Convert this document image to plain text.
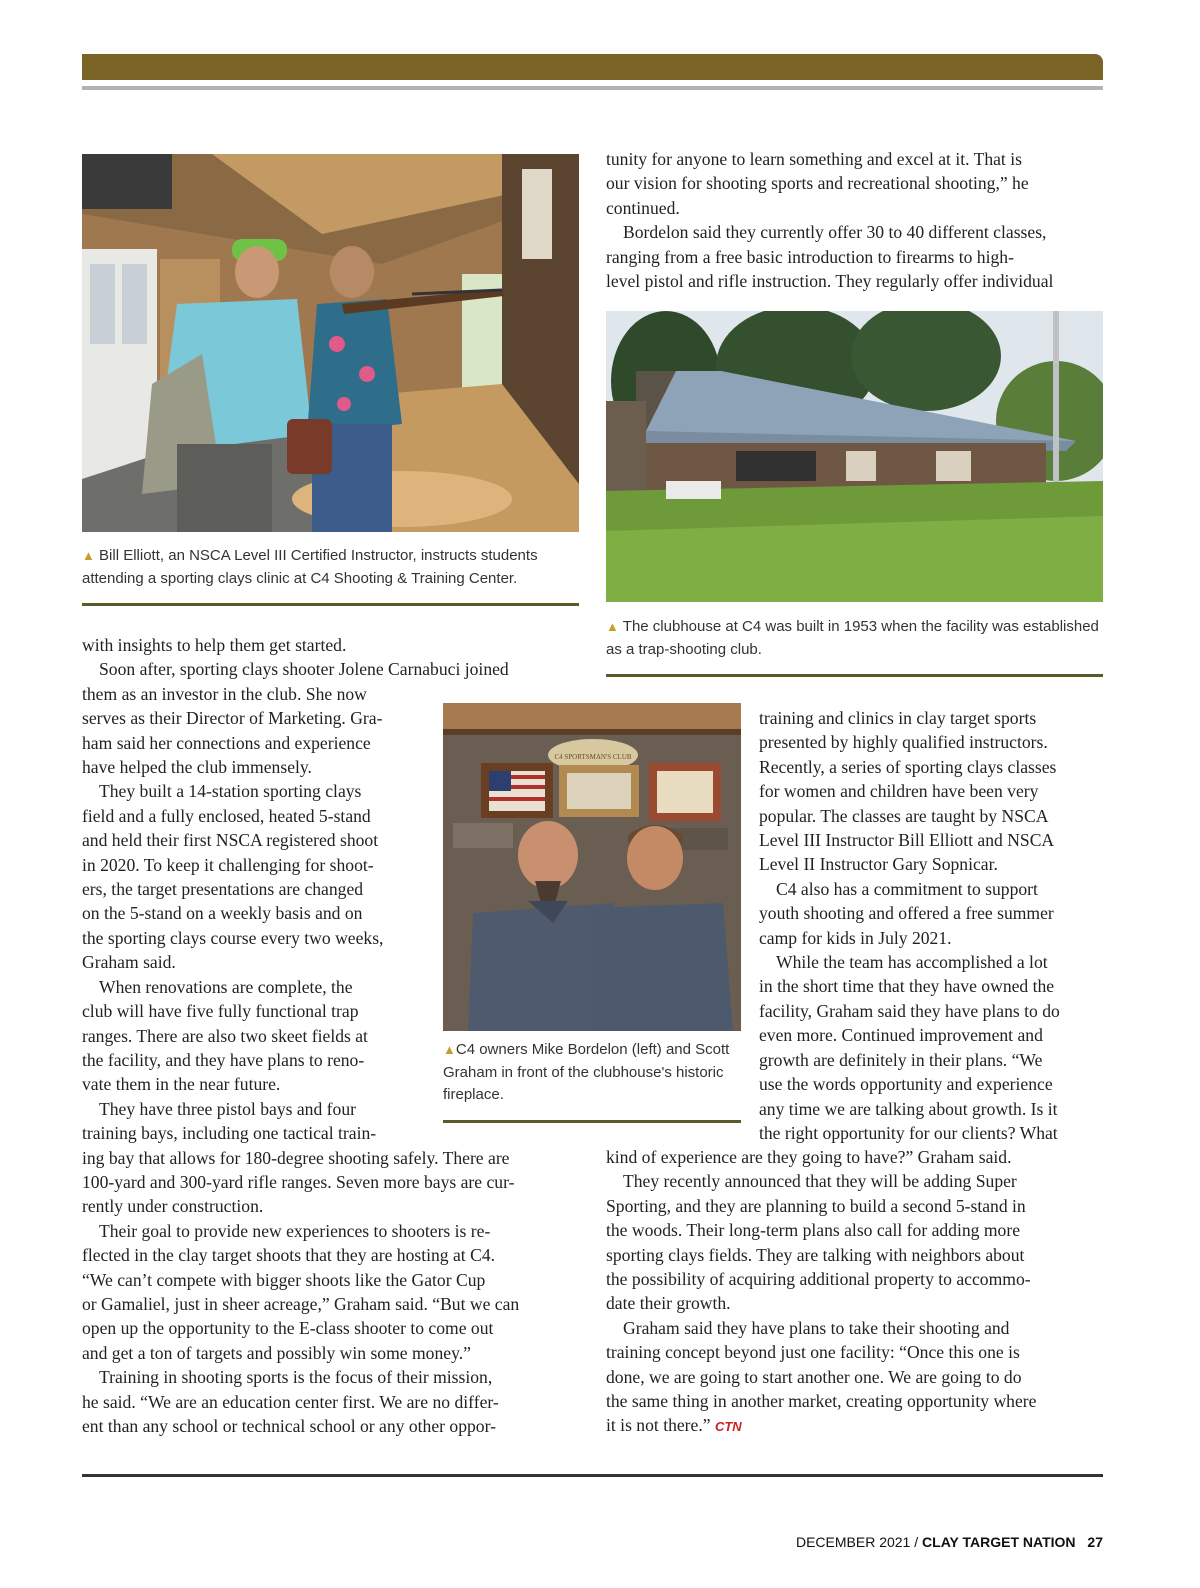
▲ Bill Elliott, an NSCA Level III Certified Instructor, instructs students attending a sporting clays clinic at C4 Shooting & Training Center.

tunity for anyone to learn something and excel at it. That is

our vision for shooting sports and recreational shooting,” he

continued.

Bordelon said they currently offer 30 to 40 different classes,

ranging from a free basic introduction to firearms to high-

level pistol and rifle instruction. They regularly offer individual

▲ The clubhouse at C4 was built in 1953 when the facility was established as a trap-shooting club.
C4 SPORTSMAN'S CLUB
▲C4 owners Mike Bordelon (left) and Scott Graham in front of the clubhouse's historic fireplace.

with insights to help them get started.

Soon after, sporting clays shooter Jolene Carnabuci joined

them as an investor in the club. She now

serves as their Director of Marketing. Gra-

ham said her connections and experience

have helped the club immensely.

They built a 14-station sporting clays

field and a fully enclosed, heated 5-stand

and held their first NSCA registered shoot

in 2020. To keep it challenging for shoot-

ers, the target presentations are changed

on the 5-stand on a weekly basis and on

the sporting clays course every two weeks,

Graham said.

When renovations are complete, the

club will have five fully functional trap

ranges. There are also two skeet fields at

the facility, and they have plans to reno-

vate them in the near future.

They have three pistol bays and four

training bays, including one tactical train-

ing bay that allows for 180-degree shooting safely. There are

100-yard and 300-yard rifle ranges. Seven more bays are cur-

rently under construction.

Their goal to provide new experiences to shooters is re-

flected in the clay target shoots that they are hosting at C4.

“We can’t compete with bigger shoots like the Gator Cup

or Gamaliel, just in sheer acreage,” Graham said. “But we can

open up the opportunity to the E-class shooter to come out

and get a ton of targets and possibly win some money.”

Training in shooting sports is the focus of their mission,

he said. “We are an education center first. We are no differ-

ent than any school or technical school or any other oppor-

training and clinics in clay target sports

presented by highly qualified instructors.

Recently, a series of sporting clays classes

for women and children have been very

popular. The classes are taught by NSCA

Level III Instructor Bill Elliott and NSCA

Level II Instructor Gary Sopnicar.

C4 also has a commitment to support

youth shooting and offered a free summer

camp for kids in July 2021.

While the team has accomplished a lot

in the short time that they have owned the

facility, Graham said they have plans to do

even more. Continued improvement and

growth are definitely in their plans. “We

use the words opportunity and experience

any time we are talking about growth. Is it

the right opportunity for our clients? What

kind of experience are they going to have?” Graham said.

They recently announced that they will be adding Super

Sporting, and they are planning to build a second 5-stand in

the woods. Their long-term plans also call for adding more

sporting clays fields. They are talking with neighbors about

the possibility of acquiring additional property to accommo-

date their growth.

Graham said they have plans to take their shooting and

training concept beyond just one facility: “Once this one is

done, we are going to start another one. We are going to do

the same thing in another market, creating opportunity where

it is not there.” CTN

DECEMBER 2021 / CLAY TARGET NATION 27
